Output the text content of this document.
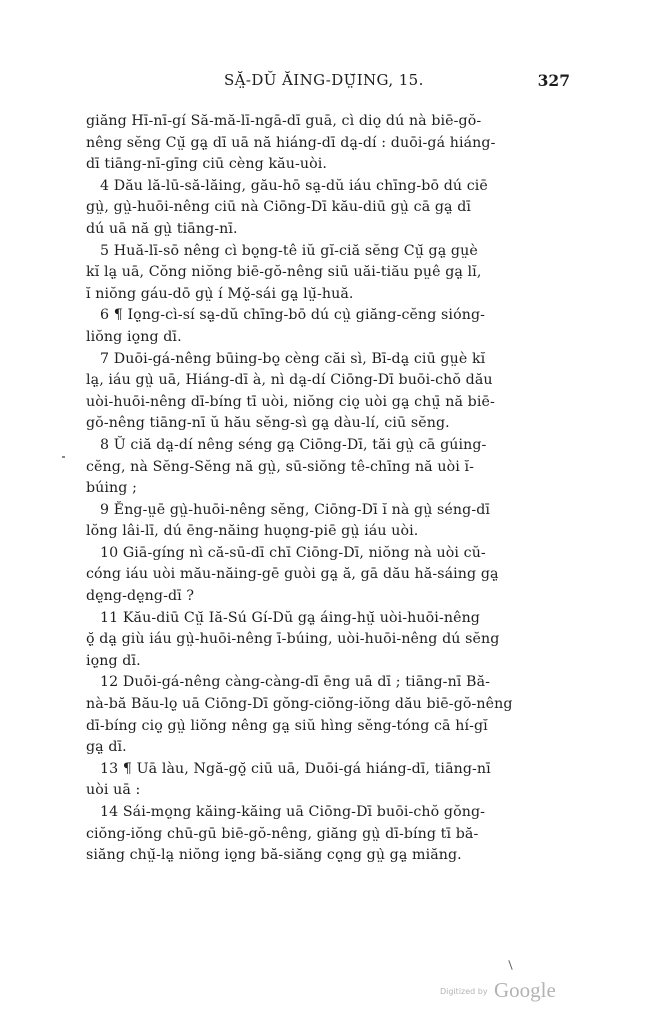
SĂ̤-DŬ ĂING-DṲ̆ING, 15.	327
giăng Hī-nī-gí Să-mă-lī-ngā-dī guā, cì diọ̤ dú nà biē-gŏ-
nêng sĕng Cṳ̆ gạ̤ dī uā nă hiáng-dī dạ̤-dí : duōi-gá hiáng-
dī tiāng-nī-gīng ciū cèng kău-uòi.
4 Dău lă-lū-să-lăing, gău-hō sạ̤-dŭ iáu chīng-bō dú ciē
gṳ̀, gṳ̀-huōi-nêng ciū nà Ciōng-Dī kău-diū gṳ̀ cā gạ̤ dī
dú uā nă gṳ̀ tiāng-nī.
5 Huă-lī-sō nêng cì bọ̤ng-tê iŭ gĭ-ciă sĕng Cṳ̆ gạ̤ gṳè
kĭ lạ̤ uā, Cŏng niŏng biē-gŏ-nêng siū uăi-tiău pṳê gạ̤ lĭ,
ĭ niŏng gáu-dō gṳ̀ í Mọ̤̆-sái gạ̤ lṳ̆-huă.
6 ¶ Iọ̤ng-cì-sí sạ̤-dŭ chīng-bō dú cṳ̀ giăng-cĕng sióng-
liŏng iọ̤ng dī.
7 Duōi-gá-nêng būing-bọ̤ cèng căi sì, Bī-dạ̤ ciū gṳè kĭ
lạ̤, iáu gṳ̀ uā, Hiáng-dī à, nì dạ̤-dí Ciōng-Dī buōi-chŏ dău
uòi-huōi-nêng dī-bíng tī uòi, niŏng ciọ̤ uòi gạ̤ chṳ̄ nă biē-
gŏ-nêng tiāng-nī ŭ hău sĕng-sì gạ̤ dàu-lí, ciū sĕng.
8 Ŭ ciă dạ̤-dí nêng séng gạ̤ Ciōng-Dī, tăi gṳ̀ cā gúing-
cĕng, nà Sĕng-Sĕng nă gṳ̀, sū-siŏng tê-chīng nă uòi ĭ-
búing ;
9 Ĕng-ṳē gṳ̀-huōi-nêng sĕng, Ciōng-Dī ĭ nà gṳ̀ séng-dī
lŏng lâi-lī, dú ēng-năing huọ̤ng-piē gṳ̀ iáu uòi.
10 Giā-gíng nì că-sū-dī chī Ciōng-Dī, niŏng nà uòi cŭ-
cóng iáu uòi mău-năing-gē guòi gạ̤ ă, gā dău hă-sáing gạ̤
dẹ̤ng-dẹ̤ng-dī ?
11 Kău-diū Cṳ̆ Iă-Sú Gí-Dŭ gạ̤ áing-hṳ̆ uòi-huōi-nêng
ọ̤̆ dạ̤ giù iáu gṳ̀-huōi-nêng ī-búing, uòi-huōi-nêng dú sĕng
iọ̤ng dī.
12 Duōi-gá-nêng càng-càng-dī ēng uā dī ; tiāng-nī Bă-
nà-bă Bău-lọ̤ uā Ciōng-Dī gŏng-ciŏng-iŏng dău biē-gŏ-nêng
dī-bíng ciọ̤ gṳ̀ liŏng nêng gạ̤ siŭ hìng sĕng-tóng cā hí-gĭ
gạ̤ dī.
13 ¶ Uā làu, Ngă-gọ̤̆ ciū uā, Duōi-gá hiáng-dī, tiāng-nī
uòi uā :
14 Sái-mọ̤ng kăing-kăing uā Ciōng-Dī buōi-chŏ gŏng-
ciŏng-iŏng chū-gū biē-gŏ-nêng, giăng gṳ̀ dī-bíng tī bă-
siăng chṳ̆-lạ̤ niŏng iọ̤ng bă-siăng cọ̤ng gṳ̀ gạ̤ miăng.
Digitized by Google
